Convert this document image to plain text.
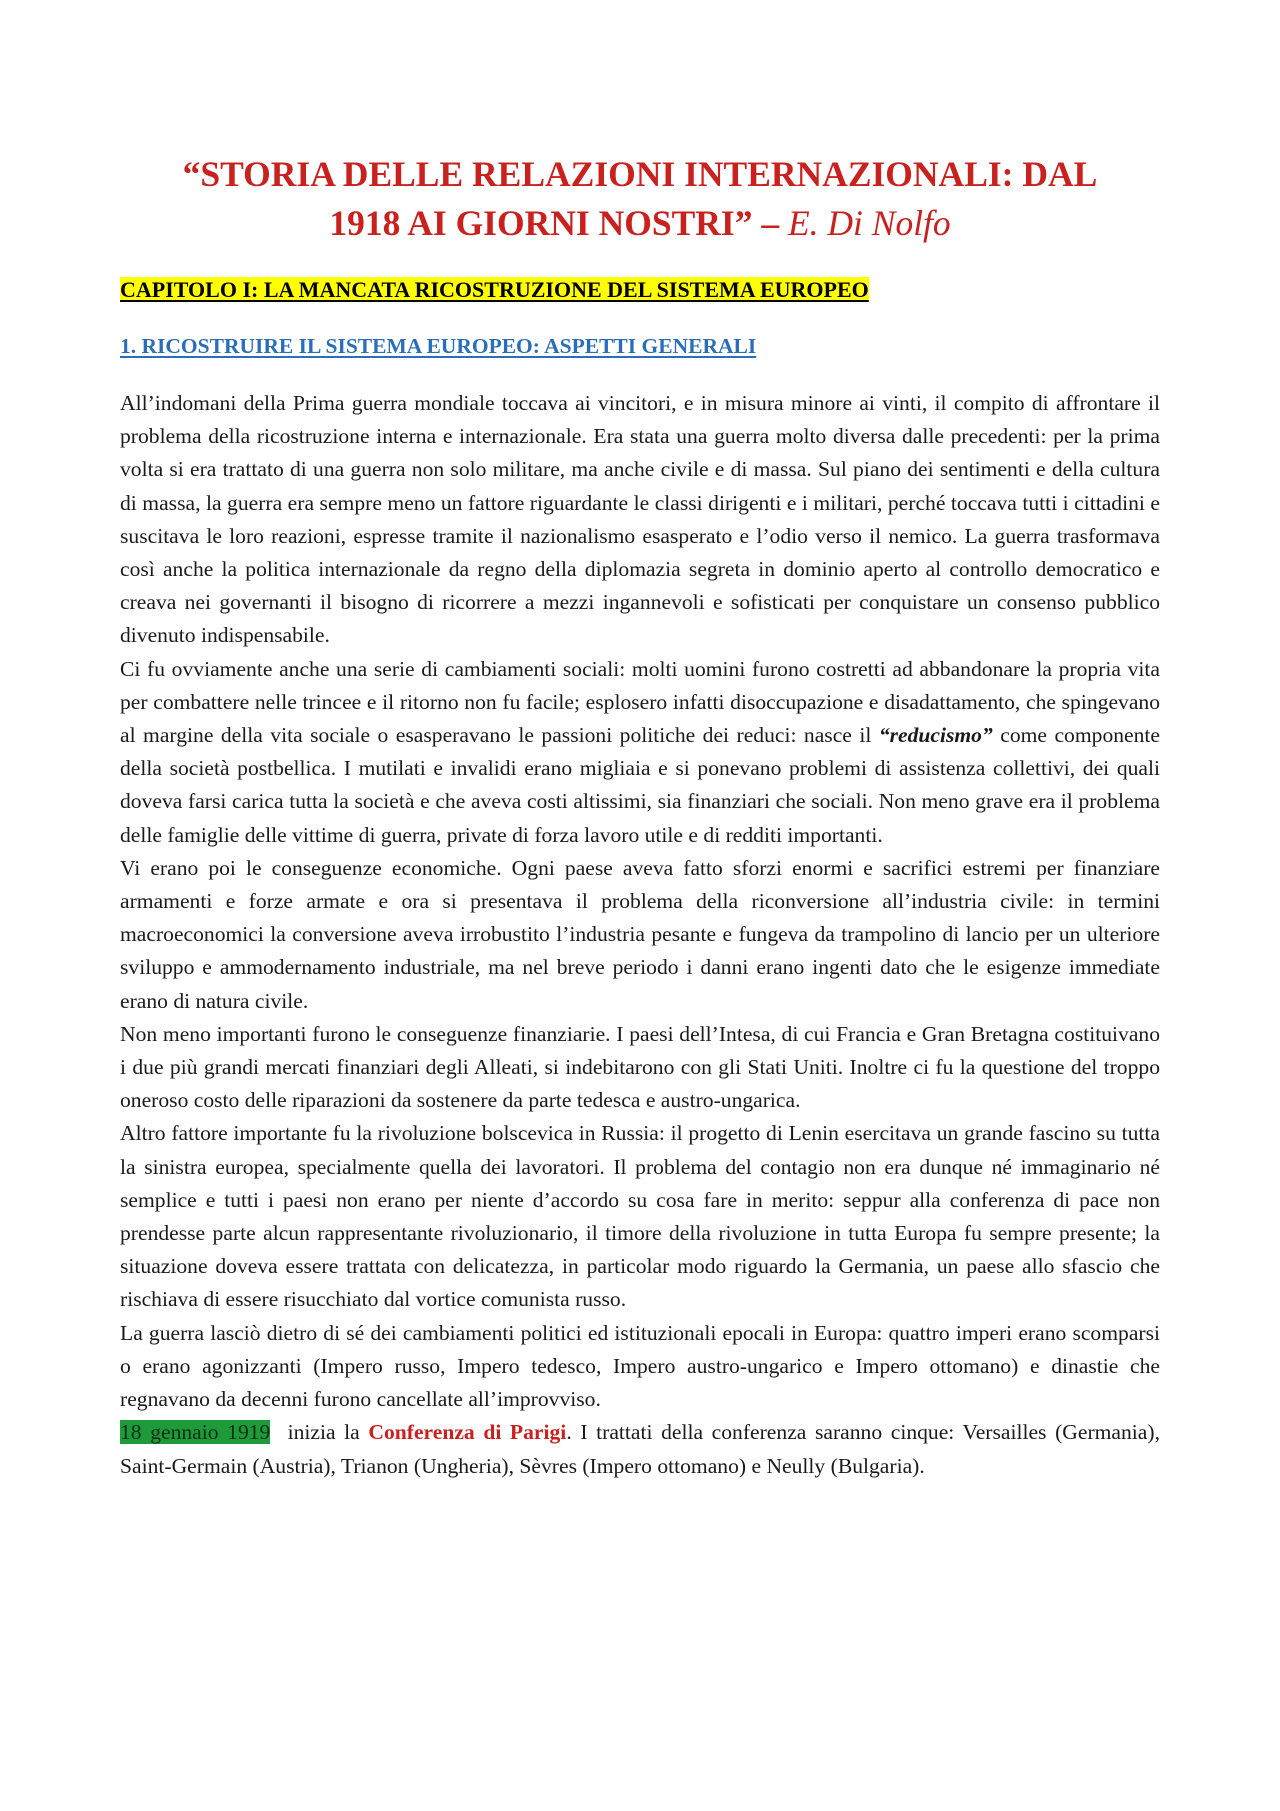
“STORIA DELLE RELAZIONI INTERNAZIONALI: DAL
1918 AI GIORNI NOSTRI” – E. Di Nolfo
CAPITOLO I: LA MANCATA RICOSTRUZIONE DEL SISTEMA EUROPEO
1. RICOSTRUIRE IL SISTEMA EUROPEO: ASPETTI GENERALI

All’indomani della Prima guerra mondiale toccava ai vincitori, e in misura minore ai vinti, il compito di affrontare il problema della ricostruzione interna e internazionale. Era stata una guerra molto diversa dalle precedenti: per la prima volta si era trattato di una guerra non solo militare, ma anche civile e di massa. Sul piano dei sentimenti e della cultura di massa, la guerra era sempre meno un fattore riguardante le classi dirigenti e i militari, perché toccava tutti i cittadini e suscitava le loro reazioni, espresse tramite il nazionalismo esasperato e l’odio verso il nemico. La guerra trasformava così anche la politica internazionale da regno della diplomazia segreta in dominio aperto al controllo democratico e creava nei governanti il bisogno di ricorrere a mezzi ingannevoli e sofisticati per conquistare un consenso pubblico divenuto indispensabile.

Ci fu ovviamente anche una serie di cambiamenti sociali: molti uomini furono costretti ad abbandonare la propria vita per combattere nelle trincee e il ritorno non fu facile; esplosero infatti disoccupazione e disadattamento, che spingevano al margine della vita sociale o esasperavano le passioni politiche dei reduci: nasce il “reducismo” come componente della società postbellica. I mutilati e invalidi erano migliaia e si ponevano problemi di assistenza collettivi, dei quali doveva farsi carica tutta la società e che aveva costi altissimi, sia finanziari che sociali. Non meno grave era il problema delle famiglie delle vittime di guerra, private di forza lavoro utile e di redditi importanti.

Vi erano poi le conseguenze economiche. Ogni paese aveva fatto sforzi enormi e sacrifici estremi per finanziare armamenti e forze armate e ora si presentava il problema della riconversione all’industria civile: in termini macroeconomici la conversione aveva irrobustito l’industria pesante e fungeva da trampolino di lancio per un ulteriore sviluppo e ammodernamento industriale, ma nel breve periodo i danni erano ingenti dato che le esigenze immediate erano di natura civile.

Non meno importanti furono le conseguenze finanziarie. I paesi dell’Intesa, di cui Francia e Gran Bretagna costituivano i due più grandi mercati finanziari degli Alleati, si indebitarono con gli Stati Uniti. Inoltre ci fu la questione del troppo oneroso costo delle riparazioni da sostenere da parte tedesca e austro-ungarica.

Altro fattore importante fu la rivoluzione bolscevica in Russia: il progetto di Lenin esercitava un grande fascino su tutta la sinistra europea, specialmente quella dei lavoratori. Il problema del contagio non era dunque né immaginario né semplice e tutti i paesi non erano per niente d’accordo su cosa fare in merito: seppur alla conferenza di pace non prendesse parte alcun rappresentante rivoluzionario, il timore della rivoluzione in tutta Europa fu sempre presente; la situazione doveva essere trattata con delicatezza, in particolar modo riguardo la Germania, un paese allo sfascio che rischiava di essere risucchiato dal vortice comunista russo.

La guerra lasciò dietro di sé dei cambiamenti politici ed istituzionali epocali in Europa: quattro imperi erano scomparsi o erano agonizzanti (Impero russo, Impero tedesco, Impero austro-ungarico e Impero ottomano) e dinastie che regnavano da decenni furono cancellate all’improvviso.

18 gennaio 1919  inizia la Conferenza di Parigi. I trattati della conferenza saranno cinque: Versailles (Germania), Saint-Germain (Austria), Trianon (Ungheria), Sèvres (Impero ottomano) e Neully (Bulgaria).
